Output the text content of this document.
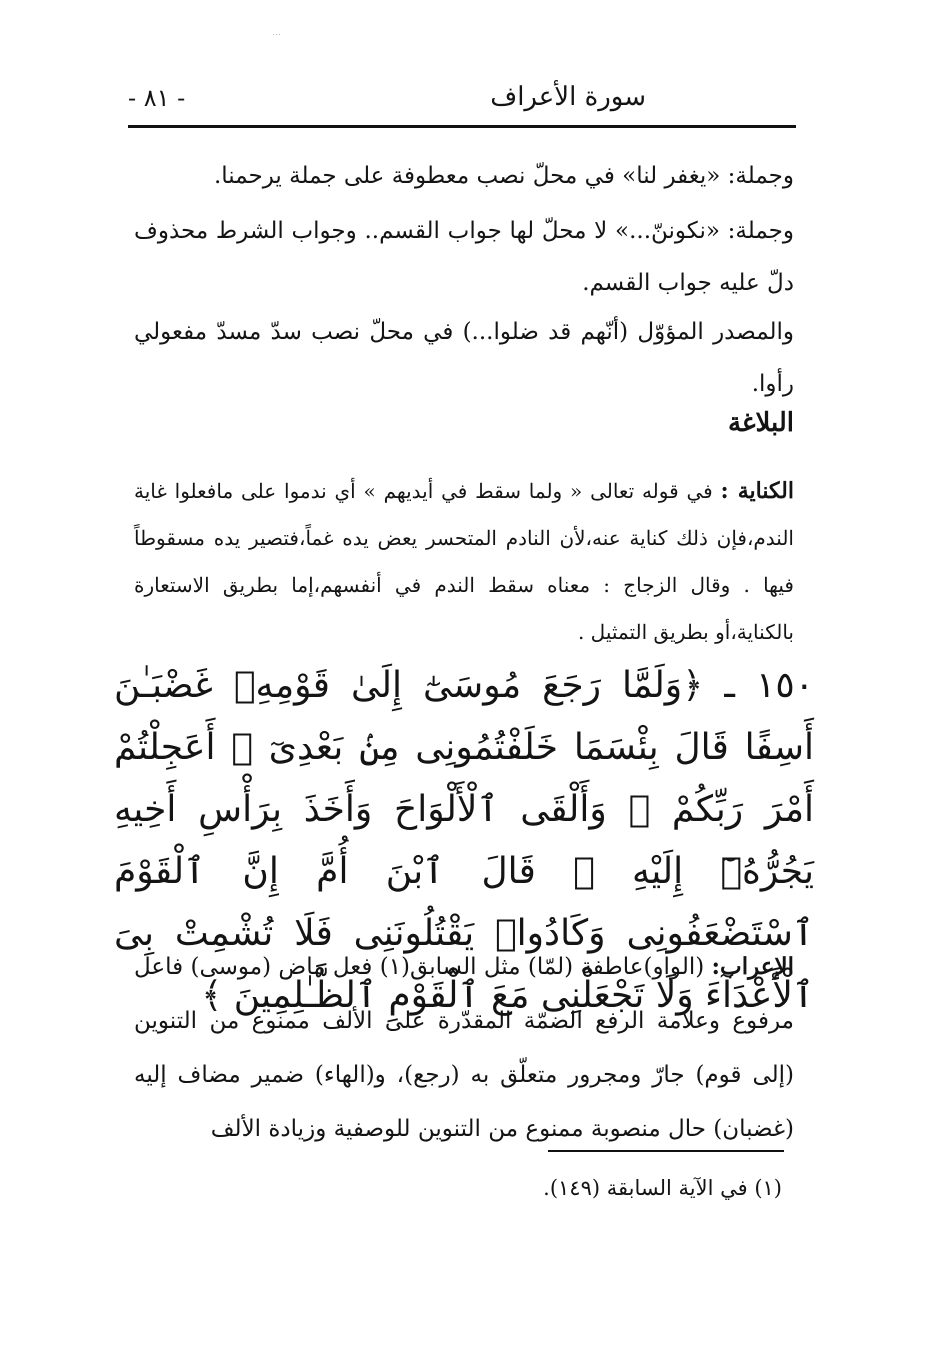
⋯
سورة الأعراف
- ٨١ -
وجملة: «يغفر لنا» في محلّ نصب معطوفة على جملة يرحمنا.
وجملة: «نكوننّ...» لا محلّ لها جواب القسم.. وجواب الشرط محذوف دلّ عليه جواب القسم.
والمصدر المؤوّل (أنّهم قد ضلوا...) في محلّ نصب سدّ مسدّ مفعولي رأوا.
البلاغة
الكناية : في قوله تعالى « ولما سقط في أيديهم » أي ندموا على مافعلوا غاية الندم،فإن ذلك كناية عنه،لأن النادم المتحسر يعض يده غماً،فتصير يده مسقوطاً فيها . وقال الزجاج : معناه سقط الندم في أنفسهم،إما بطريق الاستعارة بالكناية،أو بطريق التمثيل .
١٥٠ ـ ﴿وَلَمَّا رَجَعَ مُوسَىٰٓ إِلَىٰ قَوْمِهِۦ غَضْبَـٰنَ أَسِفًا قَالَ بِئْسَمَا خَلَفْتُمُونِى مِنۢ بَعْدِىٓ ۖ أَعَجِلْتُمْ أَمْرَ رَبِّكُمْ ۖ وَأَلْقَى ٱلْأَلْوَاحَ وَأَخَذَ بِرَأْسِ أَخِيهِ يَجُرُّهُۥٓ إِلَيْهِ ۚ قَالَ ٱبْنَ أُمَّ إِنَّ ٱلْقَوْمَ ٱسْتَضْعَفُونِى وَكَادُوا۟ يَقْتُلُونَنِى فَلَا تُشْمِتْ بِىَ ٱلْأَعْدَآءَ وَلَا تَجْعَلْنِى مَعَ ٱلْقَوْمِ ٱلظَّـٰلِمِينَ ﴾
الإعراب: (الواو)عاطفة (لمّا) مثل السابق(١) فعل ماض (موسى) فاعل مرفوع وعلامة الرفع الضمّة المقدّرة على الألف ممنوع من التنوين (إلى قوم) جارّ ومجرور متعلّق به (رجع)، و(الهاء) ضمير مضاف إليه (غضبان) حال منصوبة ممنوع من التنوين للوصفية وزيادة الألف
(١) في الآية السابقة (١٤٩).
